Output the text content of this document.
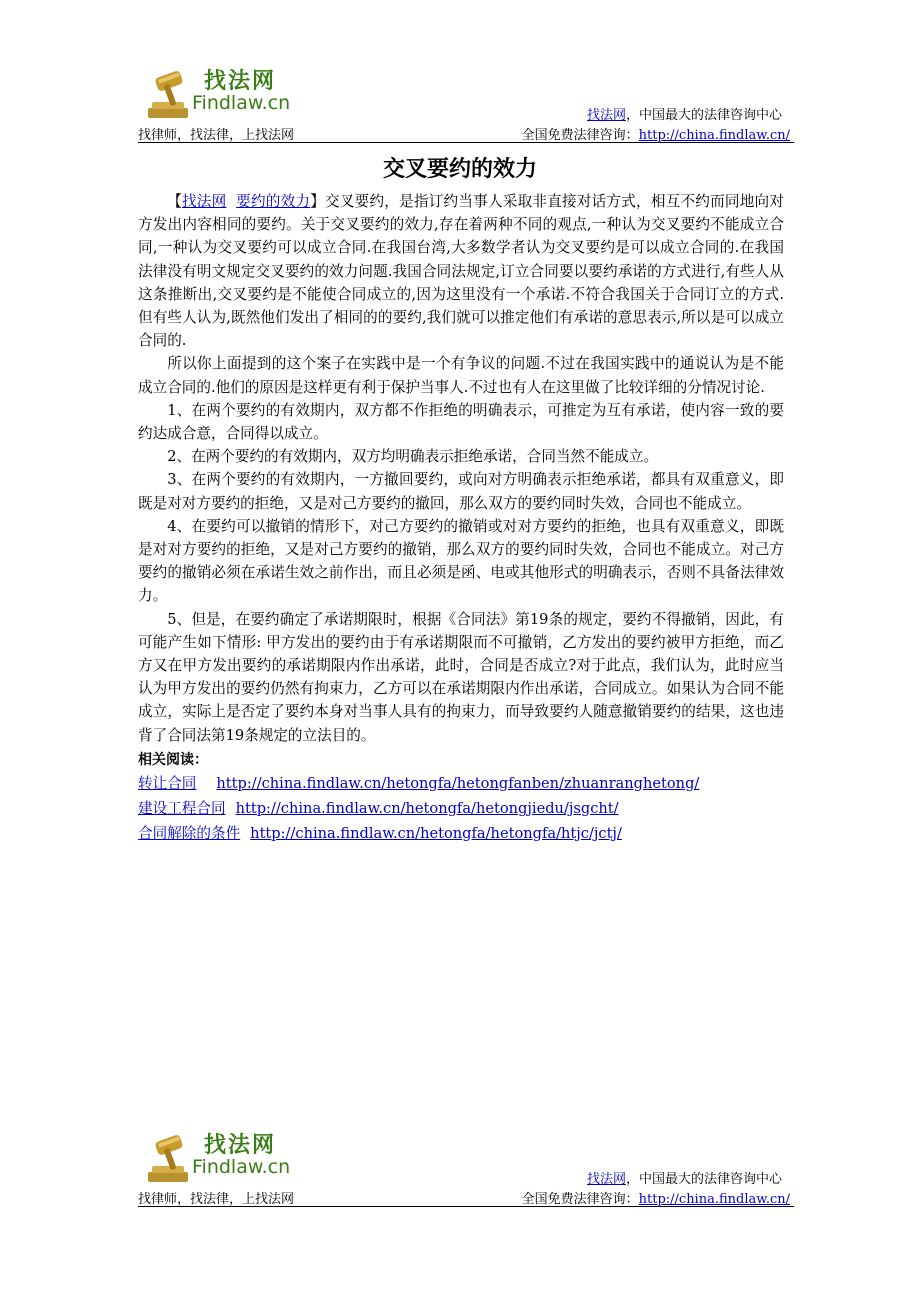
找法网
Findlaw.cn
找律师，找法律，上找法网
找法网，中国最大的法律咨询中心
全国免费法律咨询：http://china.findlaw.cn/
交叉要约的效力

【找法网 要约的效力】交叉要约，是指订约当事人采取非直接对话方式，相互不约而同地向对方发出内容相同的要约。关于交叉要约的效力,存在着两种不同的观点,一种认为交叉要约不能成立合同,一种认为交叉要约可以成立合同.在我国台湾,大多数学者认为交叉要约是可以成立合同的.在我国法律没有明文规定交叉要约的效力问题.我国合同法规定,订立合同要以要约承诺的方式进行,有些人从这条推断出,交叉要约是不能使合同成立的,因为这里没有一个承诺.不符合我国关于合同订立的方式.但有些人认为,既然他们发出了相同的的要约,我们就可以推定他们有承诺的意思表示,所以是可以成立合同的.

所以你上面提到的这个案子在实践中是一个有争议的问题.不过在我国实践中的通说认为是不能成立合同的.他们的原因是这样更有利于保护当事人.不过也有人在这里做了比较详细的分情况讨论.

1、在两个要约的有效期内，双方都不作拒绝的明确表示，可推定为互有承诺，使内容一致的要约达成合意，合同得以成立。

2、在两个要约的有效期内，双方均明确表示拒绝承诺，合同当然不能成立。

3、在两个要约的有效期内，一方撤回要约，或向对方明确表示拒绝承诺，都具有双重意义，即既是对对方要约的拒绝，又是对己方要约的撤回，那么双方的要约同时失效，合同也不能成立。

4、在要约可以撤销的情形下，对己方要约的撤销或对对方要约的拒绝，也具有双重意义，即既是对对方要约的拒绝，又是对己方要约的撤销，那么双方的要约同时失效，合同也不能成立。对己方要约的撤销必须在承诺生效之前作出，而且必须是函、电或其他形式的明确表示，否则不具备法律效力。

5、但是，在要约确定了承诺期限时，根据《合同法》第19条的规定，要约不得撤销，因此，有可能产生如下情形: 甲方发出的要约由于有承诺期限而不可撤销，乙方发出的要约被甲方拒绝，而乙方又在甲方发出要约的承诺期限内作出承诺，此时，合同是否成立?对于此点，我们认为，此时应当认为甲方发出的要约仍然有拘束力，乙方可以在承诺期限内作出承诺，合同成立。如果认为合同不能成立，实际上是否定了要约本身对当事人具有的拘束力，而导致要约人随意撤销要约的结果，这也违背了合同法第19条规定的立法目的。

相关阅读：
转让合同 http://china.findlaw.cn/hetongfa/hetongfanben/zhuanranghetong/
建设工程合同 http://china.findlaw.cn/hetongfa/hetongjiedu/jsgcht/
合同解除的条件 http://china.findlaw.cn/hetongfa/hetongfa/htjc/jctj/
找法网
Findlaw.cn
找律师，找法律，上找法网
找法网，中国最大的法律咨询中心
全国免费法律咨询：http://china.findlaw.cn/
